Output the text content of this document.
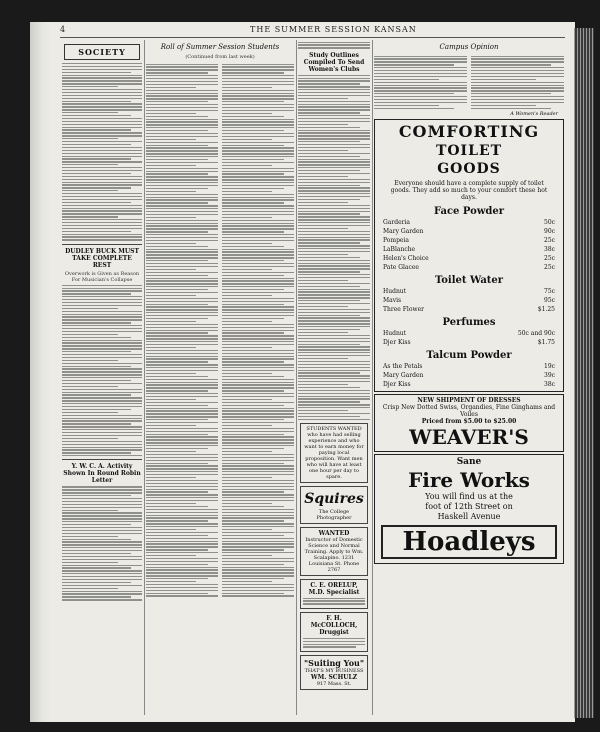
4	THE SUMMER SESSION KANSAN
SOCIETY
DUDLEY BUCK MUST TAKE COMPLETE REST
Overwork is Given as Reason For Musician's Collapse
Y. W. C. A. Activity Shown In Round Robin Letter
Roll of Summer Session Students
(Continued from last week)	Study Outlines Compiled To Send Women's Clubs
STUDENTS WANTED who have had selling experience and who want to earn money for paying local proposition. Want men who will have at least one hour per day to spare.
Squires
The College Photographer
WANTED
Instructor of Domestic Science and Normal Training. Apply to Wm. Scalapino. 1231 Louisiana St. Phone 2767
C. E. ORELUP, M.D. Specialist
F. H. McCOLLOCH, Druggist
"Suiting You"
THAT'S MY BUSINESS
WM. SCHULZ
917 Mass. St.
Campus Opinion
A Women's Reader
COMFORTING
TOILET
GOODS
Everyone should have a complete supply of toilet goods. They add so much to your comfort these hot days.
Face Powder
Garderia	50c
Mary Garden	90c
Pompeia	25c
LaBlanche	38c
Helen's Choice	25c
Pate Glacee	25c
Toilet Water
Hudnut	75c
Mavis	95c
Three Flower	$1.25
Perfumes
Hudnut	50c and 90c
Djer Kiss	$1.75
Talcum Powder
As the Petals	19c
Mary Garden	39c
Djer Kiss	38c
NEW SHIPMENT OF DRESSES
Crisp New Dotted Swiss, Organdies, Fine Ginghams and Voiles
Priced from $5.00 to $25.00
WEAVER'S
Sane
Fire Works
You will find us at the
foot of 12th Street on
Haskell Avenue
Hoadleys
